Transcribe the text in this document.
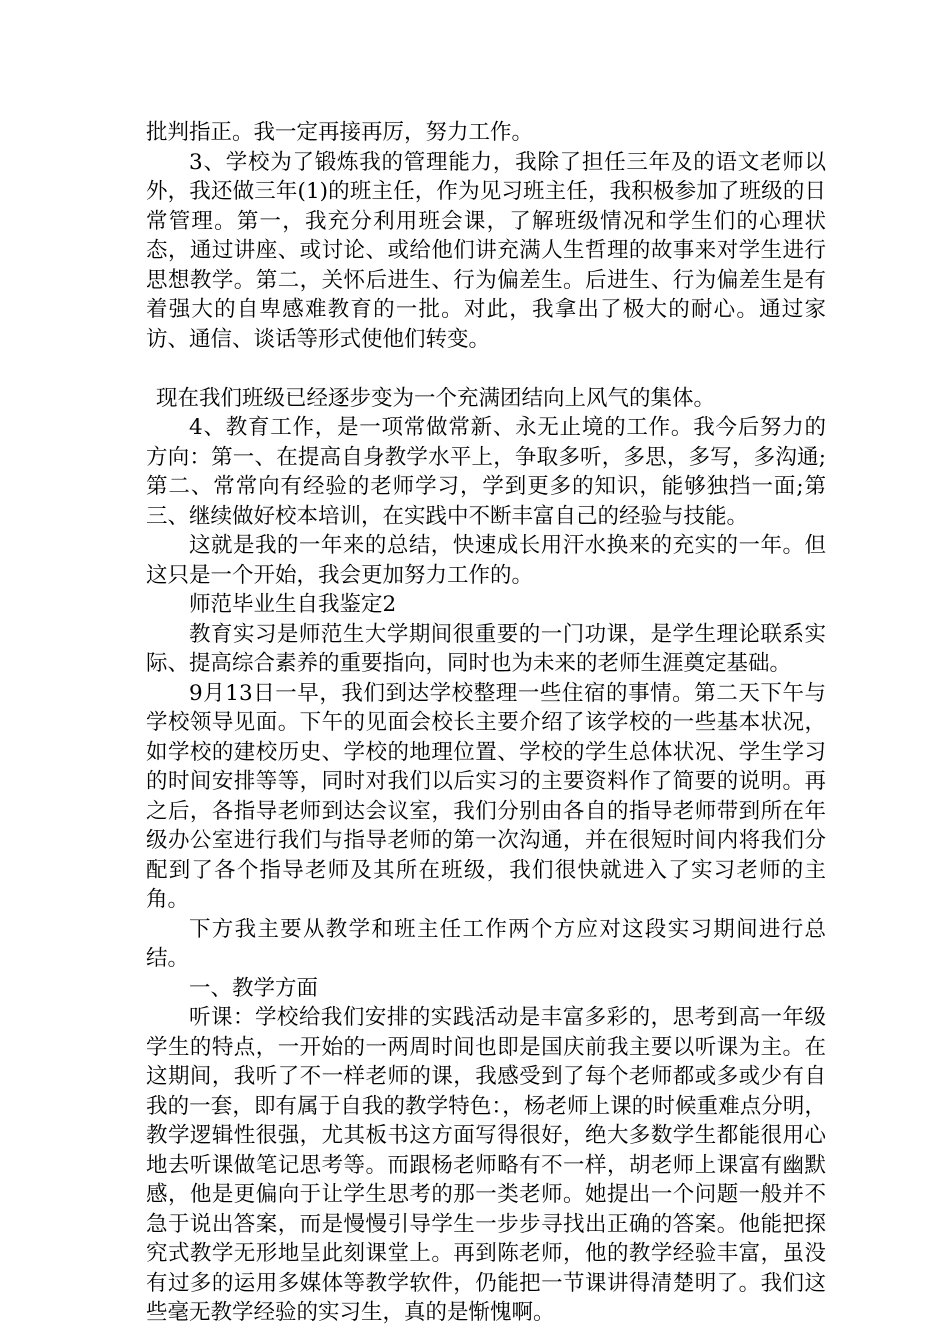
批判指正。我一定再接再厉，努力工作。

3、学校为了锻炼我的管理能力，我除了担任三年及的语文老师以外，我还做三年(1)的班主任，作为见习班主任，我积极参加了班级的日常管理。第一，我充分利用班会课，了解班级情况和学生们的心理状态，通过讲座、或讨论、或给他们讲充满人生哲理的故事来对学生进行思想教学。第二，关怀后进生、行为偏差生。后进生、行为偏差生是有着强大的自卑感难教育的一批。对此，我拿出了极大的耐心。通过家访、通信、谈话等形式使他们转变。

现在我们班级已经逐步变为一个充满团结向上风气的集体。

4、教育工作，是一项常做常新、永无止境的工作。我今后努力的方向：第一、在提高自身教学水平上，争取多听，多思，多写，多沟通;第二、常常向有经验的老师学习，学到更多的知识，能够独挡一面;第三、继续做好校本培训，在实践中不断丰富自己的经验与技能。

这就是我的一年来的总结，快速成长用汗水换来的充实的一年。但这只是一个开始，我会更加努力工作的。

师范毕业生自我鉴定2

教育实习是师范生大学期间很重要的一门功课，是学生理论联系实际、提高综合素养的重要指向，同时也为未来的老师生涯奠定基础。

9月13日一早，我们到达学校整理一些住宿的事情。第二天下午与学校领导见面。下午的见面会校长主要介绍了该学校的一些基本状况，如学校的建校历史、学校的地理位置、学校的学生总体状况、学生学习的时间安排等等，同时对我们以后实习的主要资料作了简要的说明。再之后，各指导老师到达会议室，我们分别由各自的指导老师带到所在年级办公室进行我们与指导老师的第一次沟通，并在很短时间内将我们分配到了各个指导老师及其所在班级，我们很快就进入了实习老师的主角。

下方我主要从教学和班主任工作两个方应对这段实习期间进行总结。

一、教学方面

听课：学校给我们安排的实践活动是丰富多彩的，思考到高一年级学生的特点，一开始的一两周时间也即是国庆前我主要以听课为主。在这期间，我听了不一样老师的课，我感受到了每个老师都或多或少有自我的一套，即有属于自我的教学特色：，杨老师上课的时候重难点分明，教学逻辑性很强，尤其板书这方面写得很好，绝大多数学生都能很用心地去听课做笔记思考等。而跟杨老师略有不一样，胡老师上课富有幽默感，他是更偏向于让学生思考的那一类老师。她提出一个问题一般并不急于说出答案，而是慢慢引导学生一步步寻找出正确的答案。他能把探究式教学无形地呈此刻课堂上。再到陈老师，他的教学经验丰富，虽没有过多的运用多媒体等教学软件，仍能把一节课讲得清楚明了。我们这些毫无教学经验的实习生，真的是惭愧啊。
